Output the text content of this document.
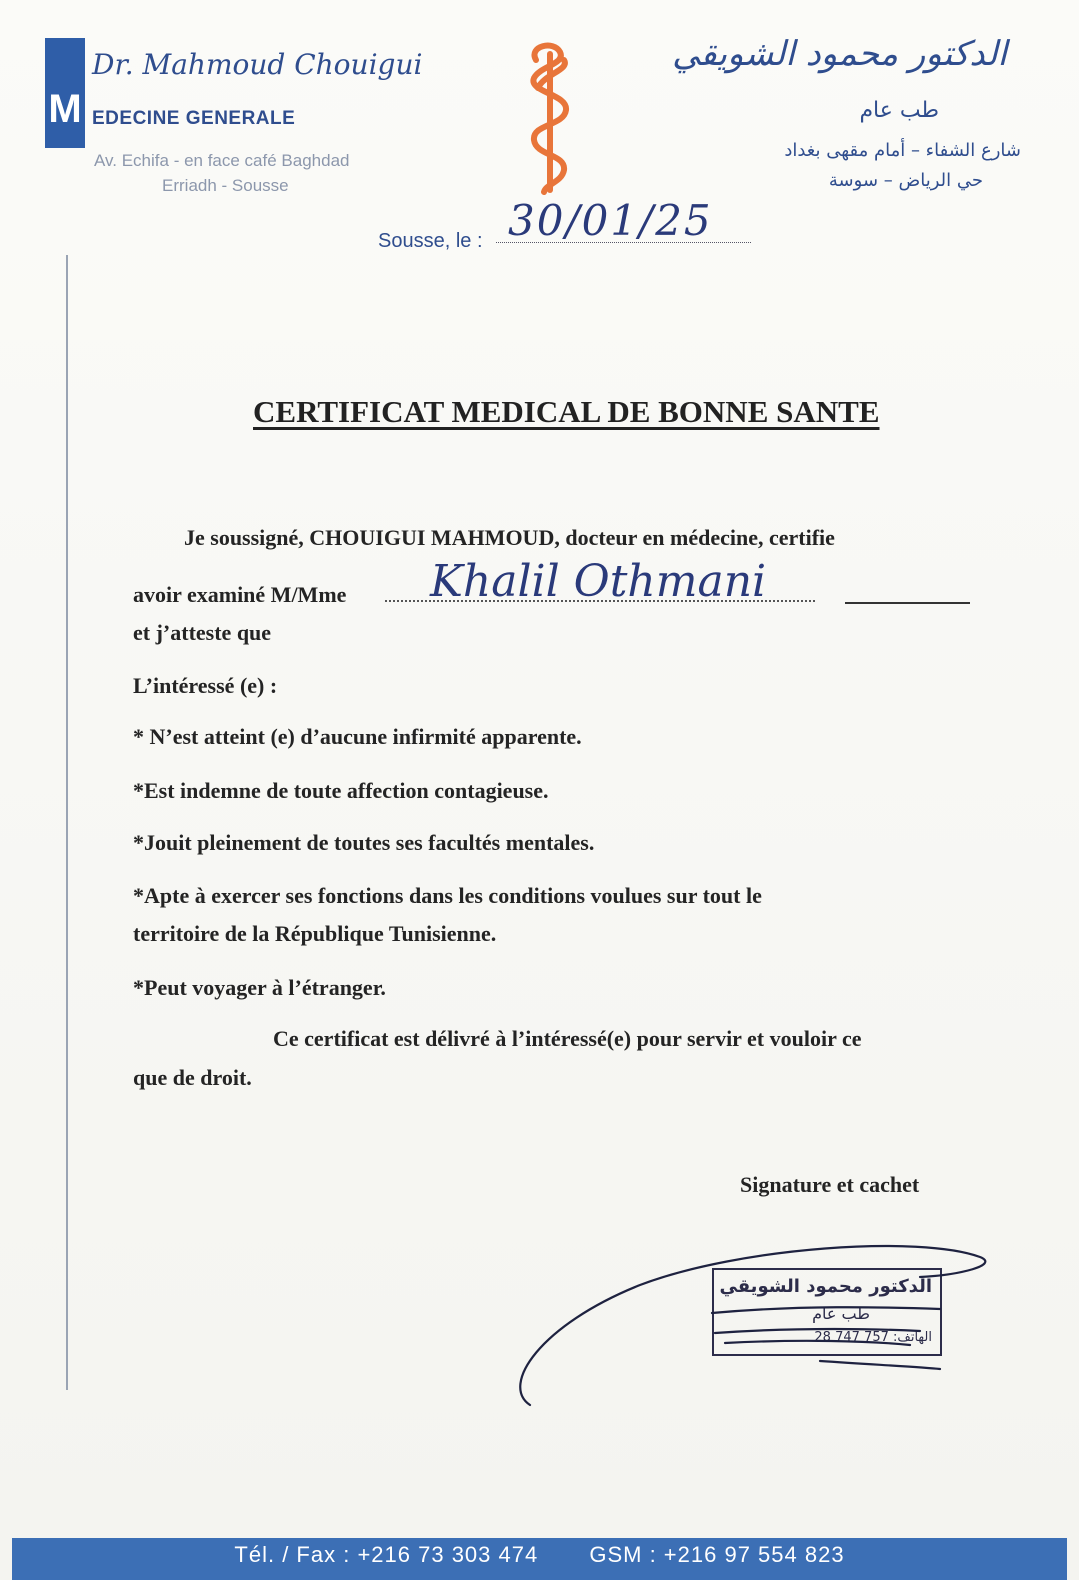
M
Dr. Mahmoud Chouigui
EDECINE GENERALE
Av. Echifa - en face café Baghdad
Erriadh - Sousse
الدكتور محمود الشويقي
طب عام
شارع الشفاء – أمام مقهى بغداد
حي الرياض – سوسة
Sousse, le : 30/01/25
CERTIFICAT MEDICAL DE BONNE SANTE
Je soussigné, CHOUIGUI MAHMOUD, docteur en médecine, certifie
avoir examiné M/Mme Khalil Othmani
et j’atteste que
L’intéressé (e) :
* N’est atteint (e) d’aucune infirmité apparente.
*Est indemne de toute affection contagieuse.
*Jouit pleinement de toutes ses facultés mentales.
*Apte à exercer ses fonctions dans les conditions voulues sur tout le
territoire de la République Tunisienne.
*Peut voyager à l’étranger.
Ce certificat est délivré à l’intéressé(e) pour servir et vouloir ce
que de droit.
Signature et cachet
الدكتور محمود الشويقي
طب عام
الهاتف: 757 747 28
Tél. / Fax : +216 73 303 474 GSM : +216 97 554 823
